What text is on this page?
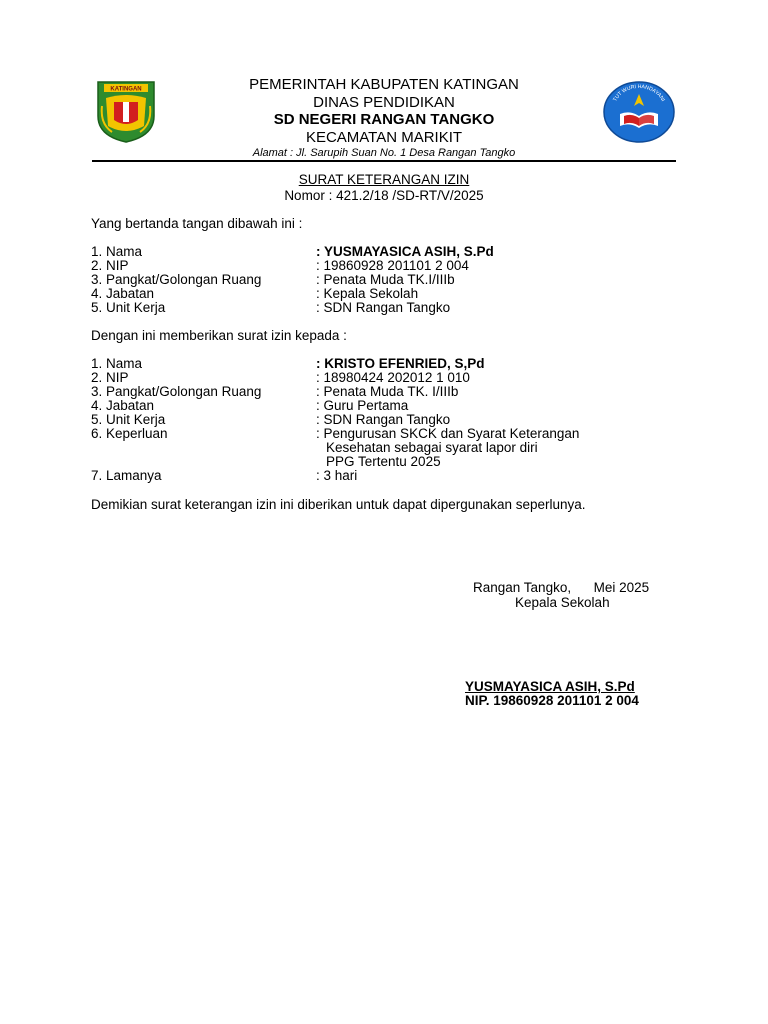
KATINGAN
TUT WURI HANDAYANI
PEMERINTAH KABUPATEN KATINGAN
DINAS PENDIDIKAN
SD NEGERI RANGAN TANGKO
KECAMATAN MARIKIT
Alamat : Jl. Sarupih Suan No. 1 Desa Rangan Tangko
SURAT KETERANGAN IZIN
Nomor : 421.2/18 /SD-RT/V/2025
Yang bertanda tangan dibawah ini :
1. Nama	: YUSMAYASICA ASIH, S.Pd
2. NIP	: 19860928 201101 2 004
3. Pangkat/Golongan Ruang	: Penata Muda TK.I/IIIb
4. Jabatan	: Kepala Sekolah
5. Unit Kerja	: SDN Rangan Tangko
Dengan ini memberikan surat izin kepada :
1. Nama	: KRISTO EFENRIED, S,Pd
2. NIP	: 18980424 202012 1 010
3. Pangkat/Golongan Ruang	: Penata Muda TK. I/IIIb
4. Jabatan	: Guru Pertama
5. Unit Kerja	: SDN Rangan Tangko
6. Keperluan	: Pengurusan SKCK dan Syarat Keterangan
Kesehatan sebagai syarat lapor diri
PPG Tertentu 2025
7. Lamanya	: 3 hari
Demikian surat keterangan izin ini diberikan untuk dapat dipergunakan seperlunya.
Rangan Tangko,      Mei 2025
Kepala Sekolah
YUSMAYASICA ASIH, S.Pd
NIP. 19860928 201101 2 004
